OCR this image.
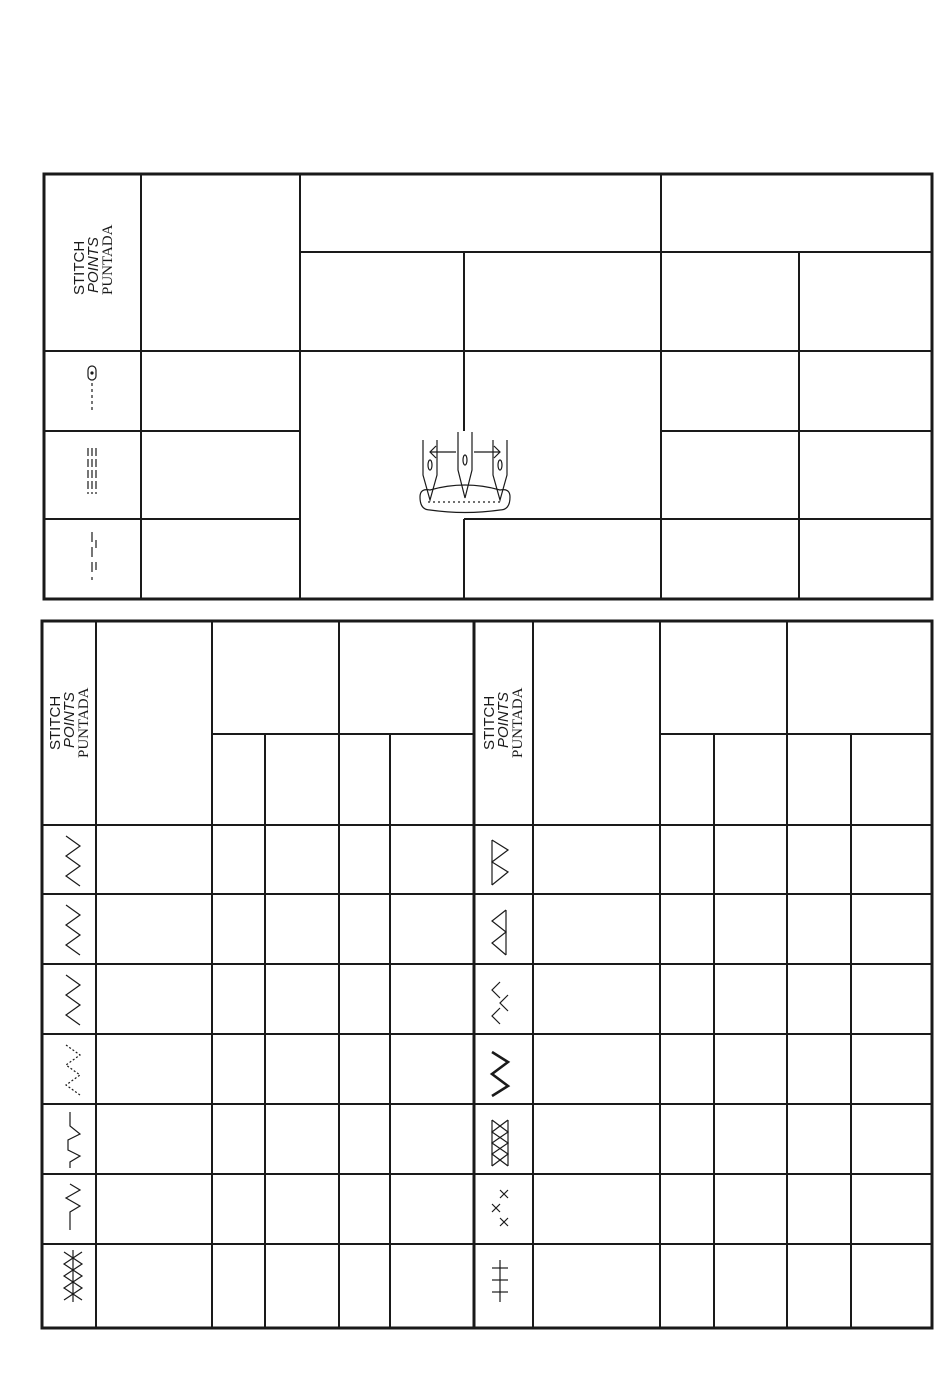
STITCH
POINTS
PUNTADA
STITCH
POINTS
PUNTADA	STITCH
POINTS
PUNTADA
